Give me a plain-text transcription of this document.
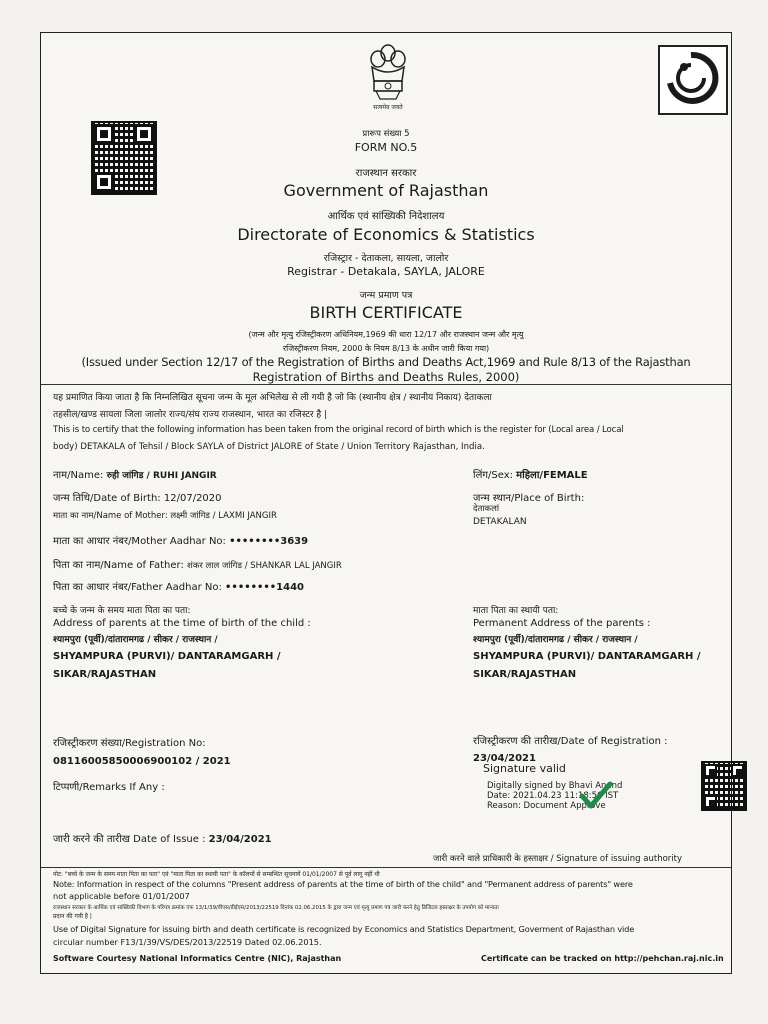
सत्यमेव जयते
प्रारूप संख्या 5
FORM NO.5
राजस्थान सरकार
Government of Rajasthan
आर्थिक एवं सांख्यिकी निदेशालय
Directorate of Economics & Statistics
रजिस्ट्रार - देताकला, सायला, जालोर
Registrar - Detakala, SAYLA, JALORE
जन्म प्रमाण पत्र
BIRTH CERTIFICATE
(जन्म और मृत्यु रजिस्ट्रीकरण अधिनियम,1969 की धारा 12/17 और राजस्थान जन्म और मृत्यु
रजिस्ट्रीकरण नियम, 2000 के नियम 8/13 के अधीन जारी किया गया)
(Issued under Section 12/17 of the Registration of Births and Deaths Act,1969 and Rule 8/13 of the Rajasthan
Registration of Births and Deaths Rules, 2000)
यह प्रमाणित किया जाता है कि निम्नलिखित सूचना जन्म के मूल अभिलेख से ली गयी है जो कि (स्थानीय क्षेत्र / स्थानीय निकाय) देताकला
तहसील/खण्ड सायला जिला जालोर राज्य/संघ राज्य राजस्थान, भारत का रजिस्टर है |
This is to certify that the following information has been taken from the original record of birth which is the register for (Local area / Local
body) DETAKALA of Tehsil / Block SAYLA of District JALORE of State / Union Territory Rajasthan, India.
नाम/Name: रुही जांगिड / RUHI JANGIR	लिंग/Sex: महिला/FEMALE
जन्म तिथि/Date of Birth: 12/07/2020	जन्म स्थान/Place of Birth:
देताकलां
DETAKALAN
माता का नाम/Name of Mother: लक्ष्मी जांगिड / LAXMI JANGIR
माता का आधार नंबर/Mother Aadhar No: ••••••••3639
पिता का नाम/Name of Father: शंकर लाल जांगिड / SHANKAR LAL JANGIR
पिता का आधार नंबर/Father Aadhar No: ••••••••1440
बच्चे के जन्म के समय माता पिता का पता:
Address of parents at the time of birth of the child :
श्यामपुरा (पूर्वी)/दांतारामगढ / सीकर / राजस्थान /
SHYAMPURA (PURVI)/ DANTARAMGARH /
SIKAR/RAJASTHAN
माता पिता का स्थायी पता:
Permanent Address of the parents :
श्यामपुरा (पूर्वी)/दांतारामगढ / सीकर / राजस्थान /
SHYAMPURA (PURVI)/ DANTARAMGARH /
SIKAR/RAJASTHAN
रजिस्ट्रीकरण संख्या/Registration No:
08116005850006900102 / 2021
टिप्पणी/Remarks If Any :
रजिस्ट्रीकरण की तारीख/Date of Registration :
23/04/2021
Signature valid
Digitally signed by Bhavi Anand
Date: 2021.04.23 11:18:56 IST
Reason: Document Approve
जारी करने की तारीख Date of Issue : 23/04/2021
जारी करने वाले प्राधिकारी के हस्ताक्षर / Signature of issuing authority
नोट: "बच्चे के जन्म के समय माता पिता का पता" एवं "माता पिता का स्थायी पता" के कॉलमों से सम्बन्धित सूचनायें 01/01/2007 से पूर्व लागू नहीं थी
Note: Information in respect of the columns "Present address of parents at the time of birth of the child" and "Permanent address of parents" were
not applicable before 01/01/2007
राजस्थान सरकार के आर्थिक एवं सांख्यिकी विभाग के परिपत्र क्रमांक एफ 13/1/39/वीएस/डीईएस/2013/22519 दिनांक 02.06.2015 के द्वारा जन्म एवं मृत्यु प्रमाण पत्र जारी करने हेतु डिजिटल हस्ताक्षर के उपयोग को मान्यता
प्रदान की गयी है |
Use of Digital Signature for issuing birth and death certificate is recognized by Economics and Statistics Department, Goverment of Rajasthan vide
circular number F13/1/39/VS/DES/2013/22519 Dated 02.06.2015.
Software Courtesy National Informatics Centre (NIC), Rajasthan	Certificate can be tracked on http://pehchan.raj.nic.in
